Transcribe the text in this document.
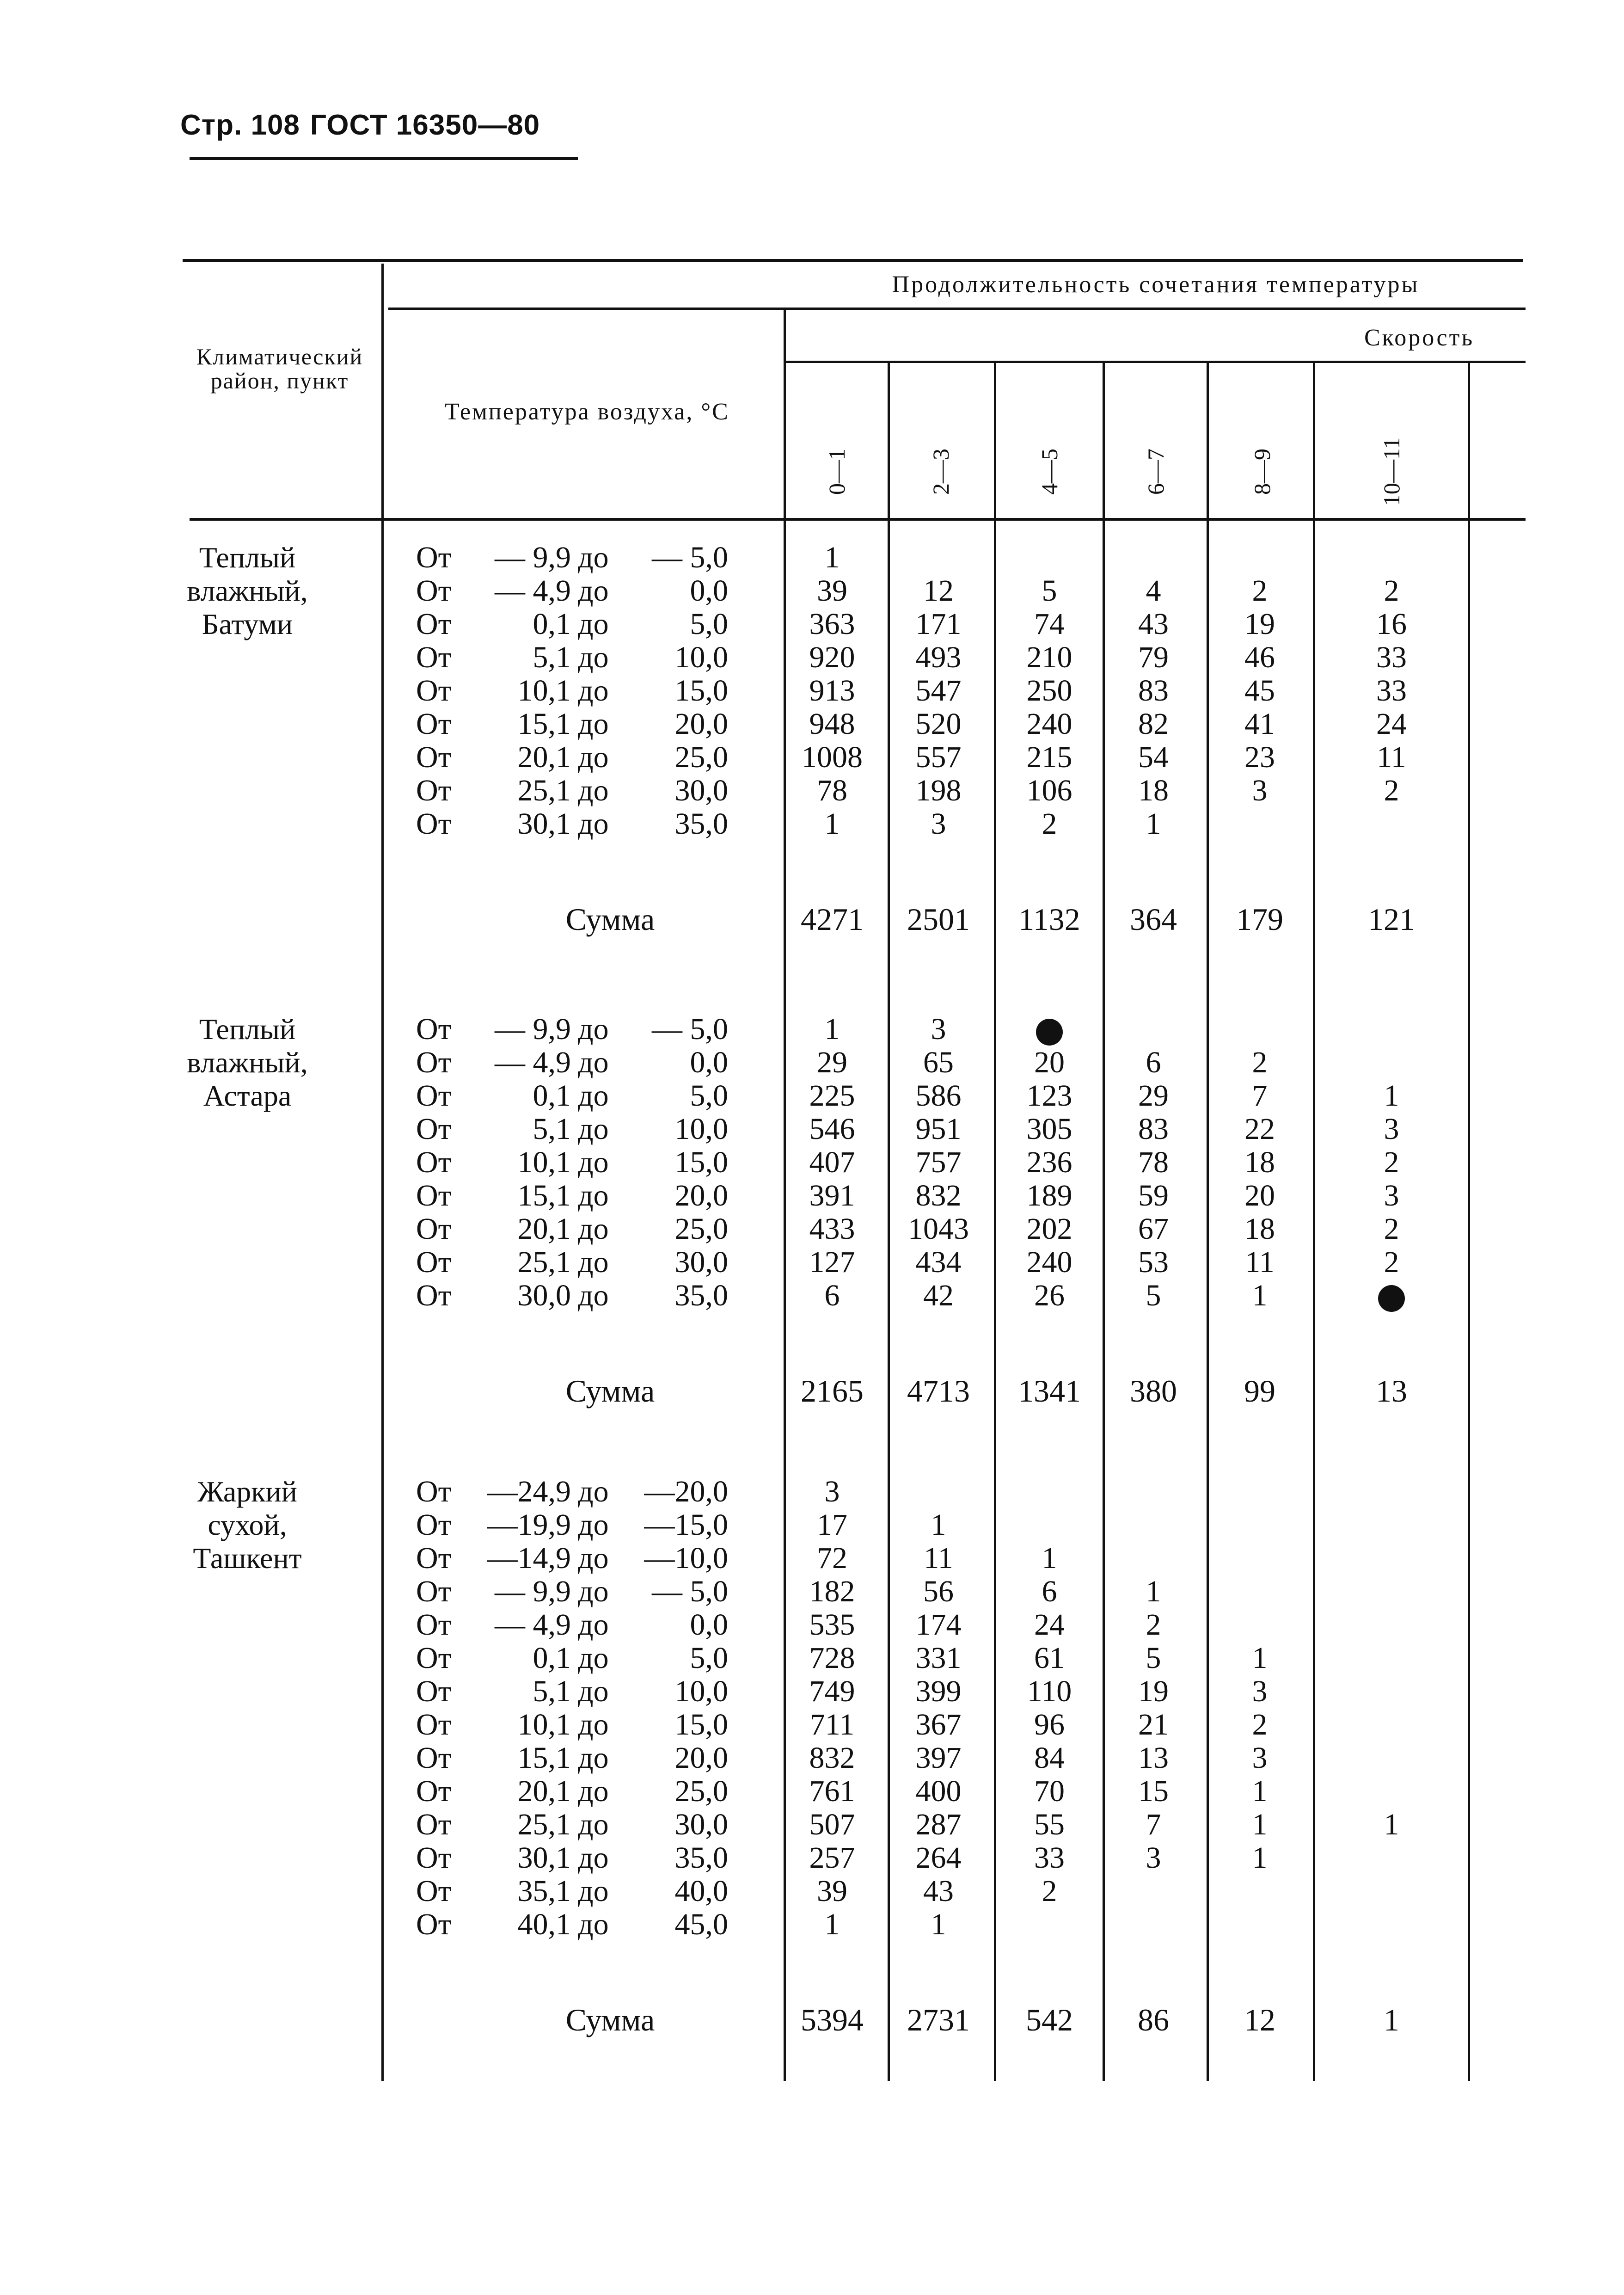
Стр. 108 ГОСТ 16350—80
Климатический район, пункт
Температура воздуха, °C
Продолжительность сочетания температуры
Скорость
0—1	2—3	4—5	6—7	8—9	10—11
Теплый
влажный,
Батуми
От	— 9,9 до	— 5,0	1
От	— 4,9 до	0,0	39	12	5	4	2	2
От	0,1 до	5,0	363	171	74	43	19	16
От	5,1 до	10,0	920	493	210	79	46	33
От	10,1 до	15,0	913	547	250	83	45	33
От	15,1 до	20,0	948	520	240	82	41	24
От	20,1 до	25,0	1008	557	215	54	23	11
От	25,1 до	30,0	78	198	106	18	3	2
От	30,1 до	35,0	1	3	2	1
Сумма	4271	2501	1132	364	179	121
Теплый
влажный,
Астара
От	— 9,9 до	— 5,0	1	3
От	— 4,9 до	0,0	29	65	20	6	2
От	0,1 до	5,0	225	586	123	29	7	1
От	5,1 до	10,0	546	951	305	83	22	3
От	10,1 до	15,0	407	757	236	78	18	2
От	15,1 до	20,0	391	832	189	59	20	3
От	20,1 до	25,0	433	1043	202	67	18	2
От	25,1 до	30,0	127	434	240	53	11	2
От	30,0 до	35,0	6	42	26	5	1
Сумма	2165	4713	1341	380	99	13
Жаркий
сухой,
Ташкент
От	—24,9 до	—20,0	3
От	—19,9 до	—15,0	17	1
От	—14,9 до	—10,0	72	11	1
От	— 9,9 до	— 5,0	182	56	6	1
От	— 4,9 до	0,0	535	174	24	2
От	0,1 до	5,0	728	331	61	5	1
От	5,1 до	10,0	749	399	110	19	3
От	10,1 до	15,0	711	367	96	21	2
От	15,1 до	20,0	832	397	84	13	3
От	20,1 до	25,0	761	400	70	15	1
От	25,1 до	30,0	507	287	55	7	1	1
От	30,1 до	35,0	257	264	33	3	1
От	35,1 до	40,0	39	43	2
От	40,1 до	45,0	1	1
Сумма	5394	2731	542	86	12	1
